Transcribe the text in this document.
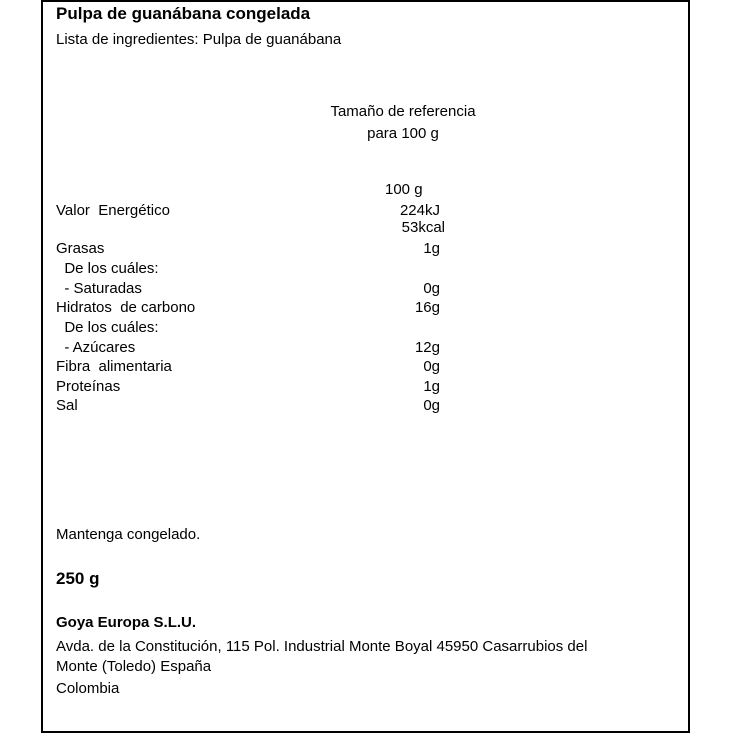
Pulpa de guanábana congelada
Lista de ingredientes: Pulpa de guanábana
Tamaño de referencia
para 100 g
100 g
Valor  Energético	224kJ
53kcal
Grasas	1g
De los cuáles:
- Saturadas	0g
Hidratos  de carbono	16g
De los cuáles:
- Azúcares	12g
Fibra  alimentaria	0g
Proteínas	1g
Sal	0g
Mantenga congelado.
250 g
Goya Europa S.L.U.
Avda. de la Constitución, 115 Pol. Industrial Monte Boyal 45950 Casarrubios del
Monte (Toledo) España
Colombia
